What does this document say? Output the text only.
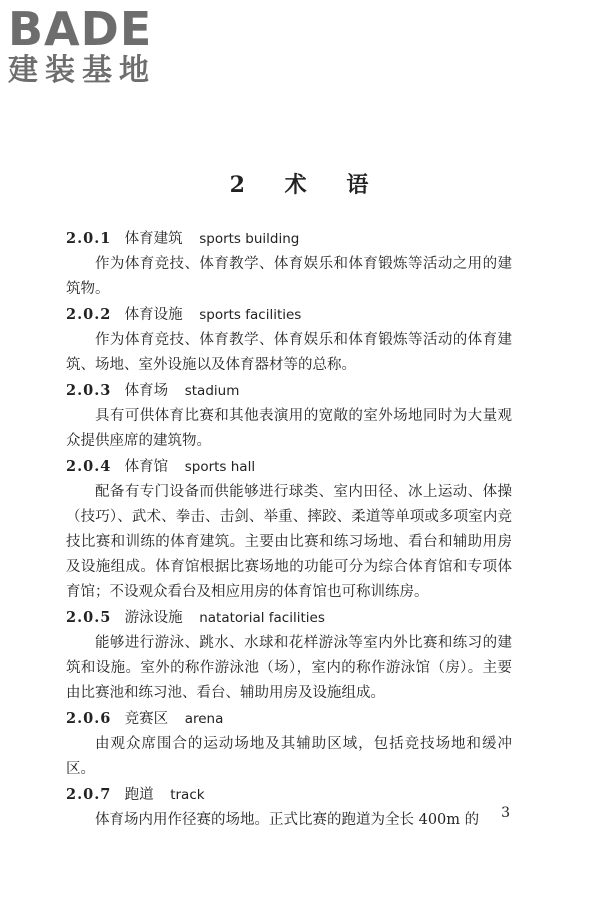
BADE
建装基地
2 术 语
2.0.1 体育建筑 sports building
作为体育竞技、体育教学、体育娱乐和体育锻炼等活动之用的建筑物。
2.0.2 体育设施 sports facilities
作为体育竞技、体育教学、体育娱乐和体育锻炼等活动的体育建筑、场地、室外设施以及体育器材等的总称。
2.0.3 体育场 stadium
具有可供体育比赛和其他表演用的宽敞的室外场地同时为大量观众提供座席的建筑物。
2.0.4 体育馆 sports hall
配备有专门设备而供能够进行球类、室内田径、冰上运动、体操（技巧）、武术、拳击、击剑、举重、摔跤、柔道等单项或多项室内竞技比赛和训练的体育建筑。主要由比赛和练习场地、看台和辅助用房及设施组成。体育馆根据比赛场地的功能可分为综合体育馆和专项体育馆；不设观众看台及相应用房的体育馆也可称训练房。
2.0.5 游泳设施 natatorial facilities
能够进行游泳、跳水、水球和花样游泳等室内外比赛和练习的建筑和设施。室外的称作游泳池（场），室内的称作游泳馆（房）。主要由比赛池和练习池、看台、辅助用房及设施组成。
2.0.6 竞赛区 arena
由观众席围合的运动场地及其辅助区域，包括竞技场地和缓冲区。
2.0.7 跑道 track
体育场内用作径赛的场地。正式比赛的跑道为全长 400m 的	3
